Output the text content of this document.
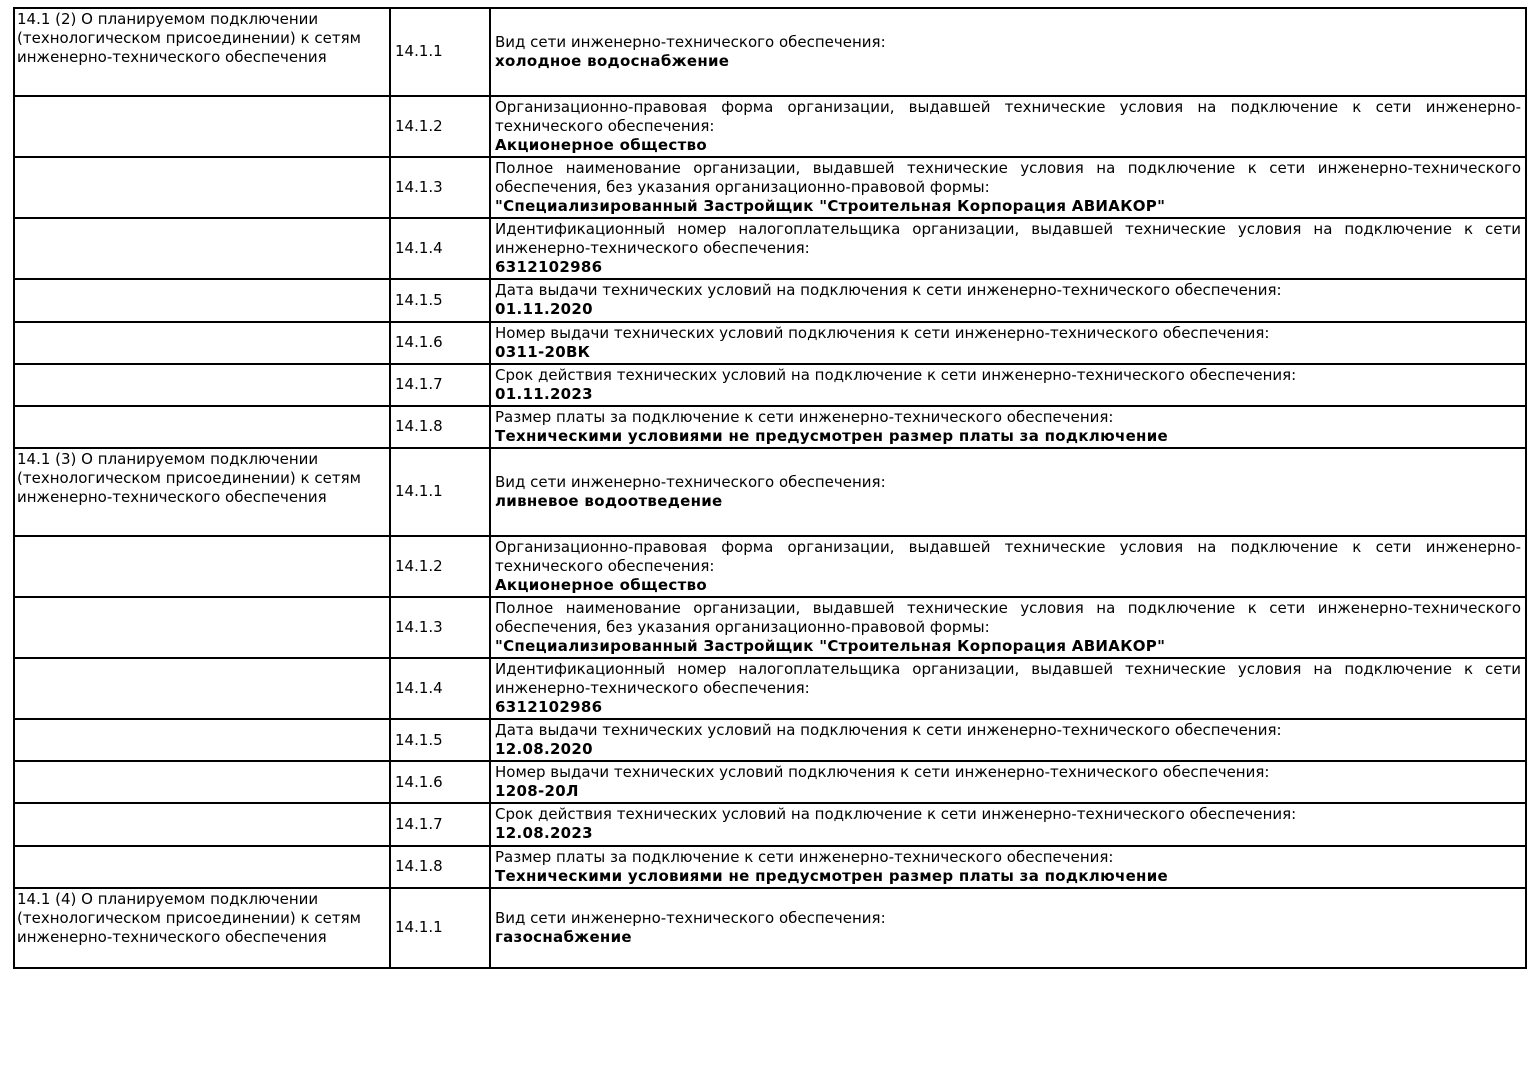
14.1 (2) О планируемом подключении (технологическом присоединении) к сетям инженерно-технического обеспечения	14.1.1	Вид сети инженерно-технического обеспечения:
холодное водоснабжение

	14.1.2	Организационно-правовая форма организации, выдавшей технические условия на подключение к сети инженерно-технического обеспечения:
Акционерное общество

	14.1.3	Полное наименование организации, выдавшей технические условия на подключение к сети инженерно-технического обеспечения, без указания организационно-правовой формы:
"Специализированный Застройщик "Строительная Корпорация АВИАКОР"

	14.1.4	Идентификационный номер налогоплательщика организации, выдавшей технические условия на подключение к сети инженерно-технического обеспечения:
6312102986

	14.1.5	Дата выдачи технических условий на подключения к сети инженерно-технического обеспечения:
01.11.2020

	14.1.6	Номер выдачи технических условий подключения к сети инженерно-технического обеспечения:
0311-20ВК

	14.1.7	Срок действия технических условий на подключение к сети инженерно-технического обеспечения:
01.11.2023

	14.1.8	Размер платы за подключение к сети инженерно-технического обеспечения:
Техническими условиями не предусмотрен размер платы за подключение

14.1 (3) О планируемом подключении (технологическом присоединении) к сетям инженерно-технического обеспечения	14.1.1	Вид сети инженерно-технического обеспечения:
ливневое водоотведение

	14.1.2	Организационно-правовая форма организации, выдавшей технические условия на подключение к сети инженерно-технического обеспечения:
Акционерное общество

	14.1.3	Полное наименование организации, выдавшей технические условия на подключение к сети инженерно-технического обеспечения, без указания организационно-правовой формы:
"Специализированный Застройщик "Строительная Корпорация АВИАКОР"

	14.1.4	Идентификационный номер налогоплательщика организации, выдавшей технические условия на подключение к сети инженерно-технического обеспечения:
6312102986

	14.1.5	Дата выдачи технических условий на подключения к сети инженерно-технического обеспечения:
12.08.2020

	14.1.6	Номер выдачи технических условий подключения к сети инженерно-технического обеспечения:
1208-20Л

	14.1.7	Срок действия технических условий на подключение к сети инженерно-технического обеспечения:
12.08.2023

	14.1.8	Размер платы за подключение к сети инженерно-технического обеспечения:
Техническими условиями не предусмотрен размер платы за подключение

14.1 (4) О планируемом подключении (технологическом присоединении) к сетям инженерно-технического обеспечения	14.1.1	Вид сети инженерно-технического обеспечения:
газоснабжение
